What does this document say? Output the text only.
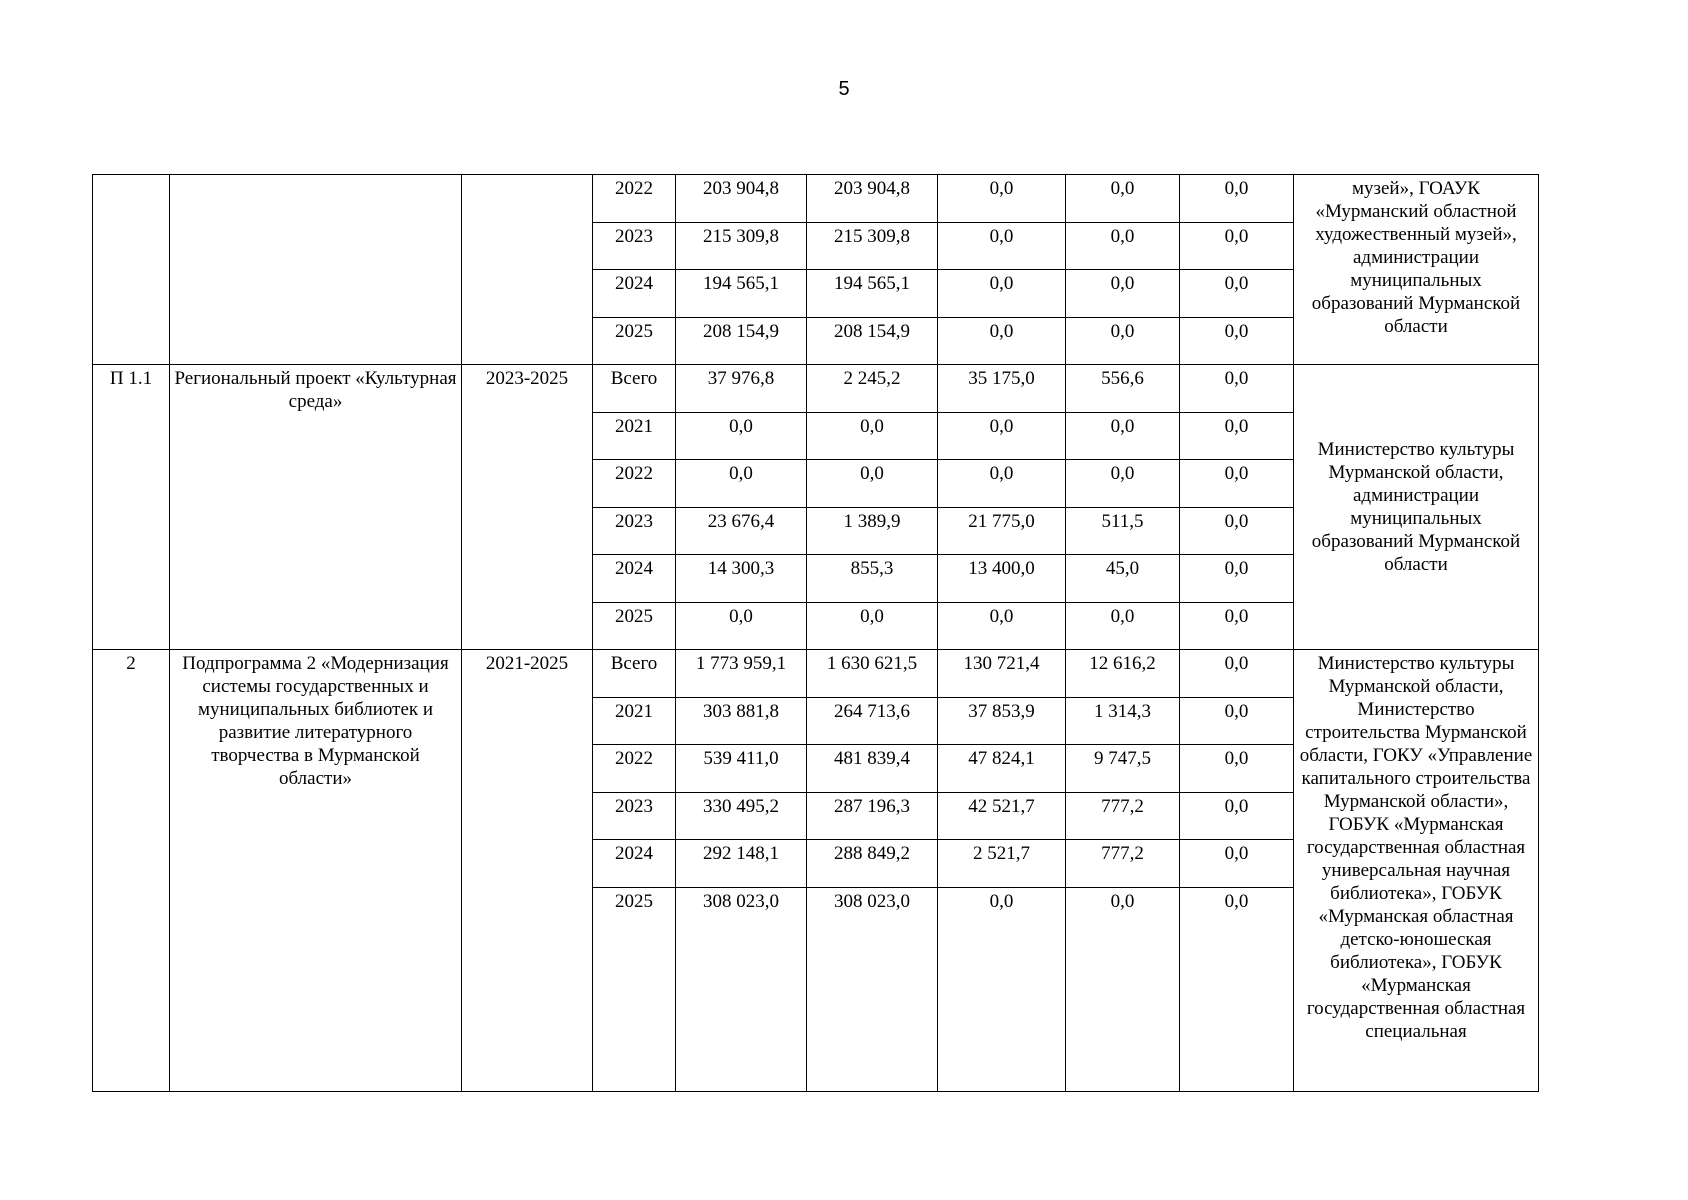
5
			2022	203 904,8	203 904,8	0,0	0,0	0,0	музей», ГОАУК «Мурманский областной художественный музей», администрации муниципальных образований Мурманской области
			2023	215 309,8	215 309,8	0,0	0,0	0,0	
			2024	194 565,1	194 565,1	0,0	0,0	0,0	
			2025	208 154,9	208 154,9	0,0	0,0	0,0	
П 1.1	Региональный проект «Культурная среда»	2023-2025	Всего	37 976,8	2 245,2	35 175,0	556,6	0,0	Министерство культуры Мурманской области, администрации муниципальных образований Мурманской области
			2021	0,0	0,0	0,0	0,0	0,0	
			2022	0,0	0,0	0,0	0,0	0,0	
			2023	23 676,4	1 389,9	21 775,0	511,5	0,0	
			2024	14 300,3	855,3	13 400,0	45,0	0,0	
			2025	0,0	0,0	0,0	0,0	0,0	
2	Подпрограмма 2 «Модернизация системы государственных и муниципальных библиотек и развитие литературного творчества в Мурманской области»	2021-2025	Всего	1 773 959,1	1 630 621,5	130 721,4	12 616,2	0,0	Министерство культуры Мурманской области, Министерство строительства Мурманской области, ГОКУ «Управление капитального строительства Мурманской области», ГОБУК «Мурманская государственная областная универсальная научная библиотека», ГОБУК «Мурманская областная детско-юношеская библиотека», ГОБУК «Мурманская государственная областная специальная
			2021	303 881,8	264 713,6	37 853,9	1 314,3	0,0	
			2022	539 411,0	481 839,4	47 824,1	9 747,5	0,0	
			2023	330 495,2	287 196,3	42 521,7	777,2	0,0	
			2024	292 148,1	288 849,2	2 521,7	777,2	0,0	
			2025	308 023,0	308 023,0	0,0	0,0	0,0	
